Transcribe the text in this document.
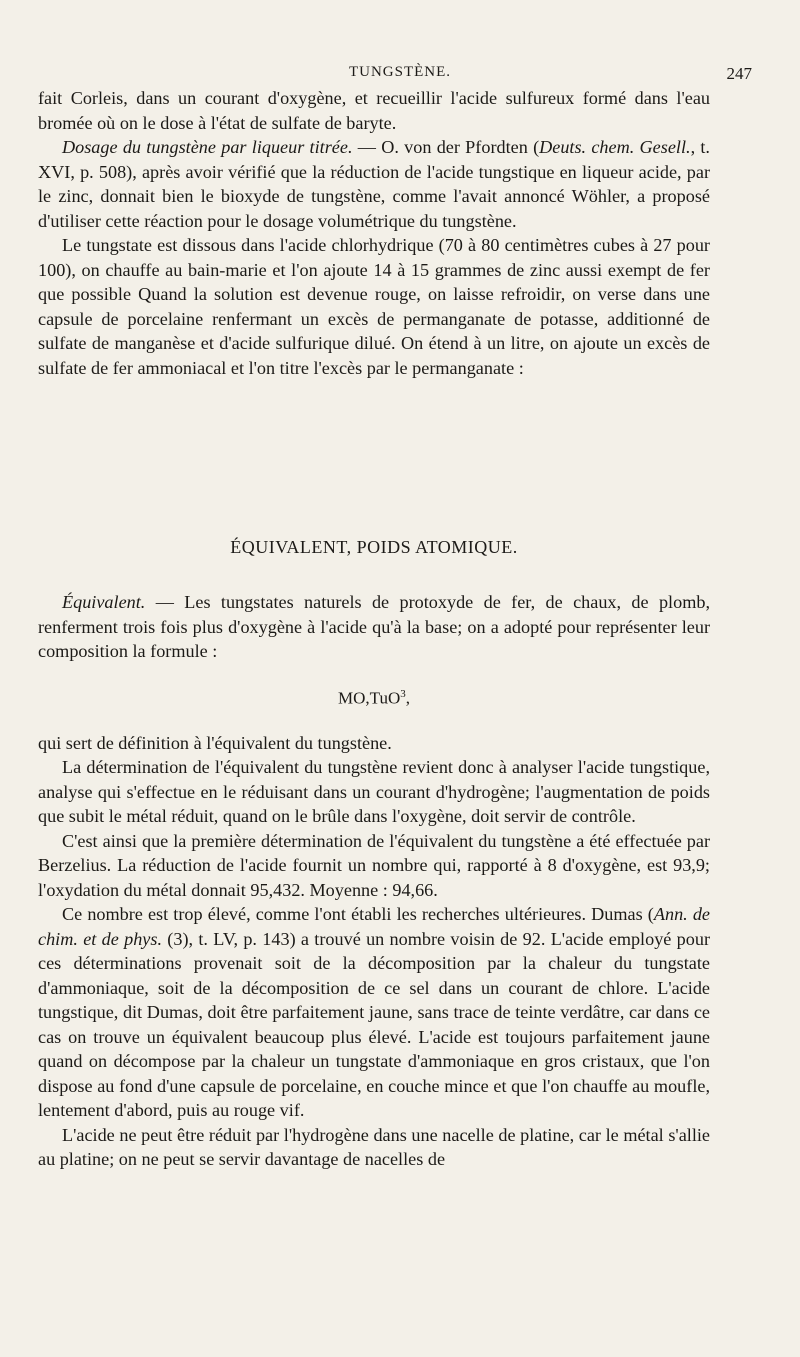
TUNGSTÈNE.	247

fait Corleis, dans un courant d'oxygène, et recueillir l'acide sulfureux formé dans l'eau bromée où on le dose à l'état de sulfate de baryte.

Dosage du tungstène par liqueur titrée. — O. von der Pfordten (Deuts. chem. Gesell., t. XVI, p. 508), après avoir vérifié que la réduction de l'acide tungstique en liqueur acide, par le zinc, donnait bien le bioxyde de tungstène, comme l'avait annoncé Wöhler, a proposé d'utiliser cette réaction pour le dosage volumétrique du tungstène.

Le tungstate est dissous dans l'acide chlorhydrique (70 à 80 centimètres cubes à 27 pour 100), on chauffe au bain-marie et l'on ajoute 14 à 15 grammes de zinc aussi exempt de fer que possible Quand la solution est devenue rouge, on laisse refroidir, on verse dans une capsule de porcelaine renfermant un excès de permanganate de potasse, additionné de sulfate de manganèse et d'acide sulfurique dilué. On étend à un litre, on ajoute un excès de sulfate de fer ammoniacal et l'on titre l'excès par le permanganate :

ÉQUIVALENT, POIDS ATOMIQUE.

Équivalent. — Les tungstates naturels de protoxyde de fer, de chaux, de plomb, renferment trois fois plus d'oxygène à l'acide qu'à la base; on a adopté pour représenter leur composition la formule :

MO,TuO$^3$,

qui sert de définition à l'équivalent du tungstène.

La détermination de l'équivalent du tungstène revient donc à analyser l'acide tungstique, analyse qui s'effectue en le réduisant dans un courant d'hydrogène; l'augmentation de poids que subit le métal réduit, quand on le brûle dans l'oxygène, doit servir de contrôle.

C'est ainsi que la première détermination de l'équivalent du tungstène a été effectuée par Berzelius. La réduction de l'acide fournit un nombre qui, rapporté à 8 d'oxygène, est 93,9; l'oxydation du métal donnait 95,432. Moyenne : 94,66.

Ce nombre est trop élevé, comme l'ont établi les recherches ultérieures. Dumas (Ann. de chim. et de phys. (3), t. LV, p. 143) a trouvé un nombre voisin de 92. L'acide employé pour ces déterminations provenait soit de la décomposition par la chaleur du tungstate d'ammoniaque, soit de la décomposition de ce sel dans un courant de chlore. L'acide tungstique, dit Dumas, doit être parfaitement jaune, sans trace de teinte verdâtre, car dans ce cas on trouve un équivalent beaucoup plus élevé. L'acide est toujours parfaitement jaune quand on décompose par la chaleur un tungstate d'ammoniaque en gros cristaux, que l'on dispose au fond d'une capsule de porcelaine, en couche mince et que l'on chauffe au moufle, lentement d'abord, puis au rouge vif.

L'acide ne peut être réduit par l'hydrogène dans une nacelle de platine, car le métal s'allie au platine; on ne peut se servir davantage de nacelles de
